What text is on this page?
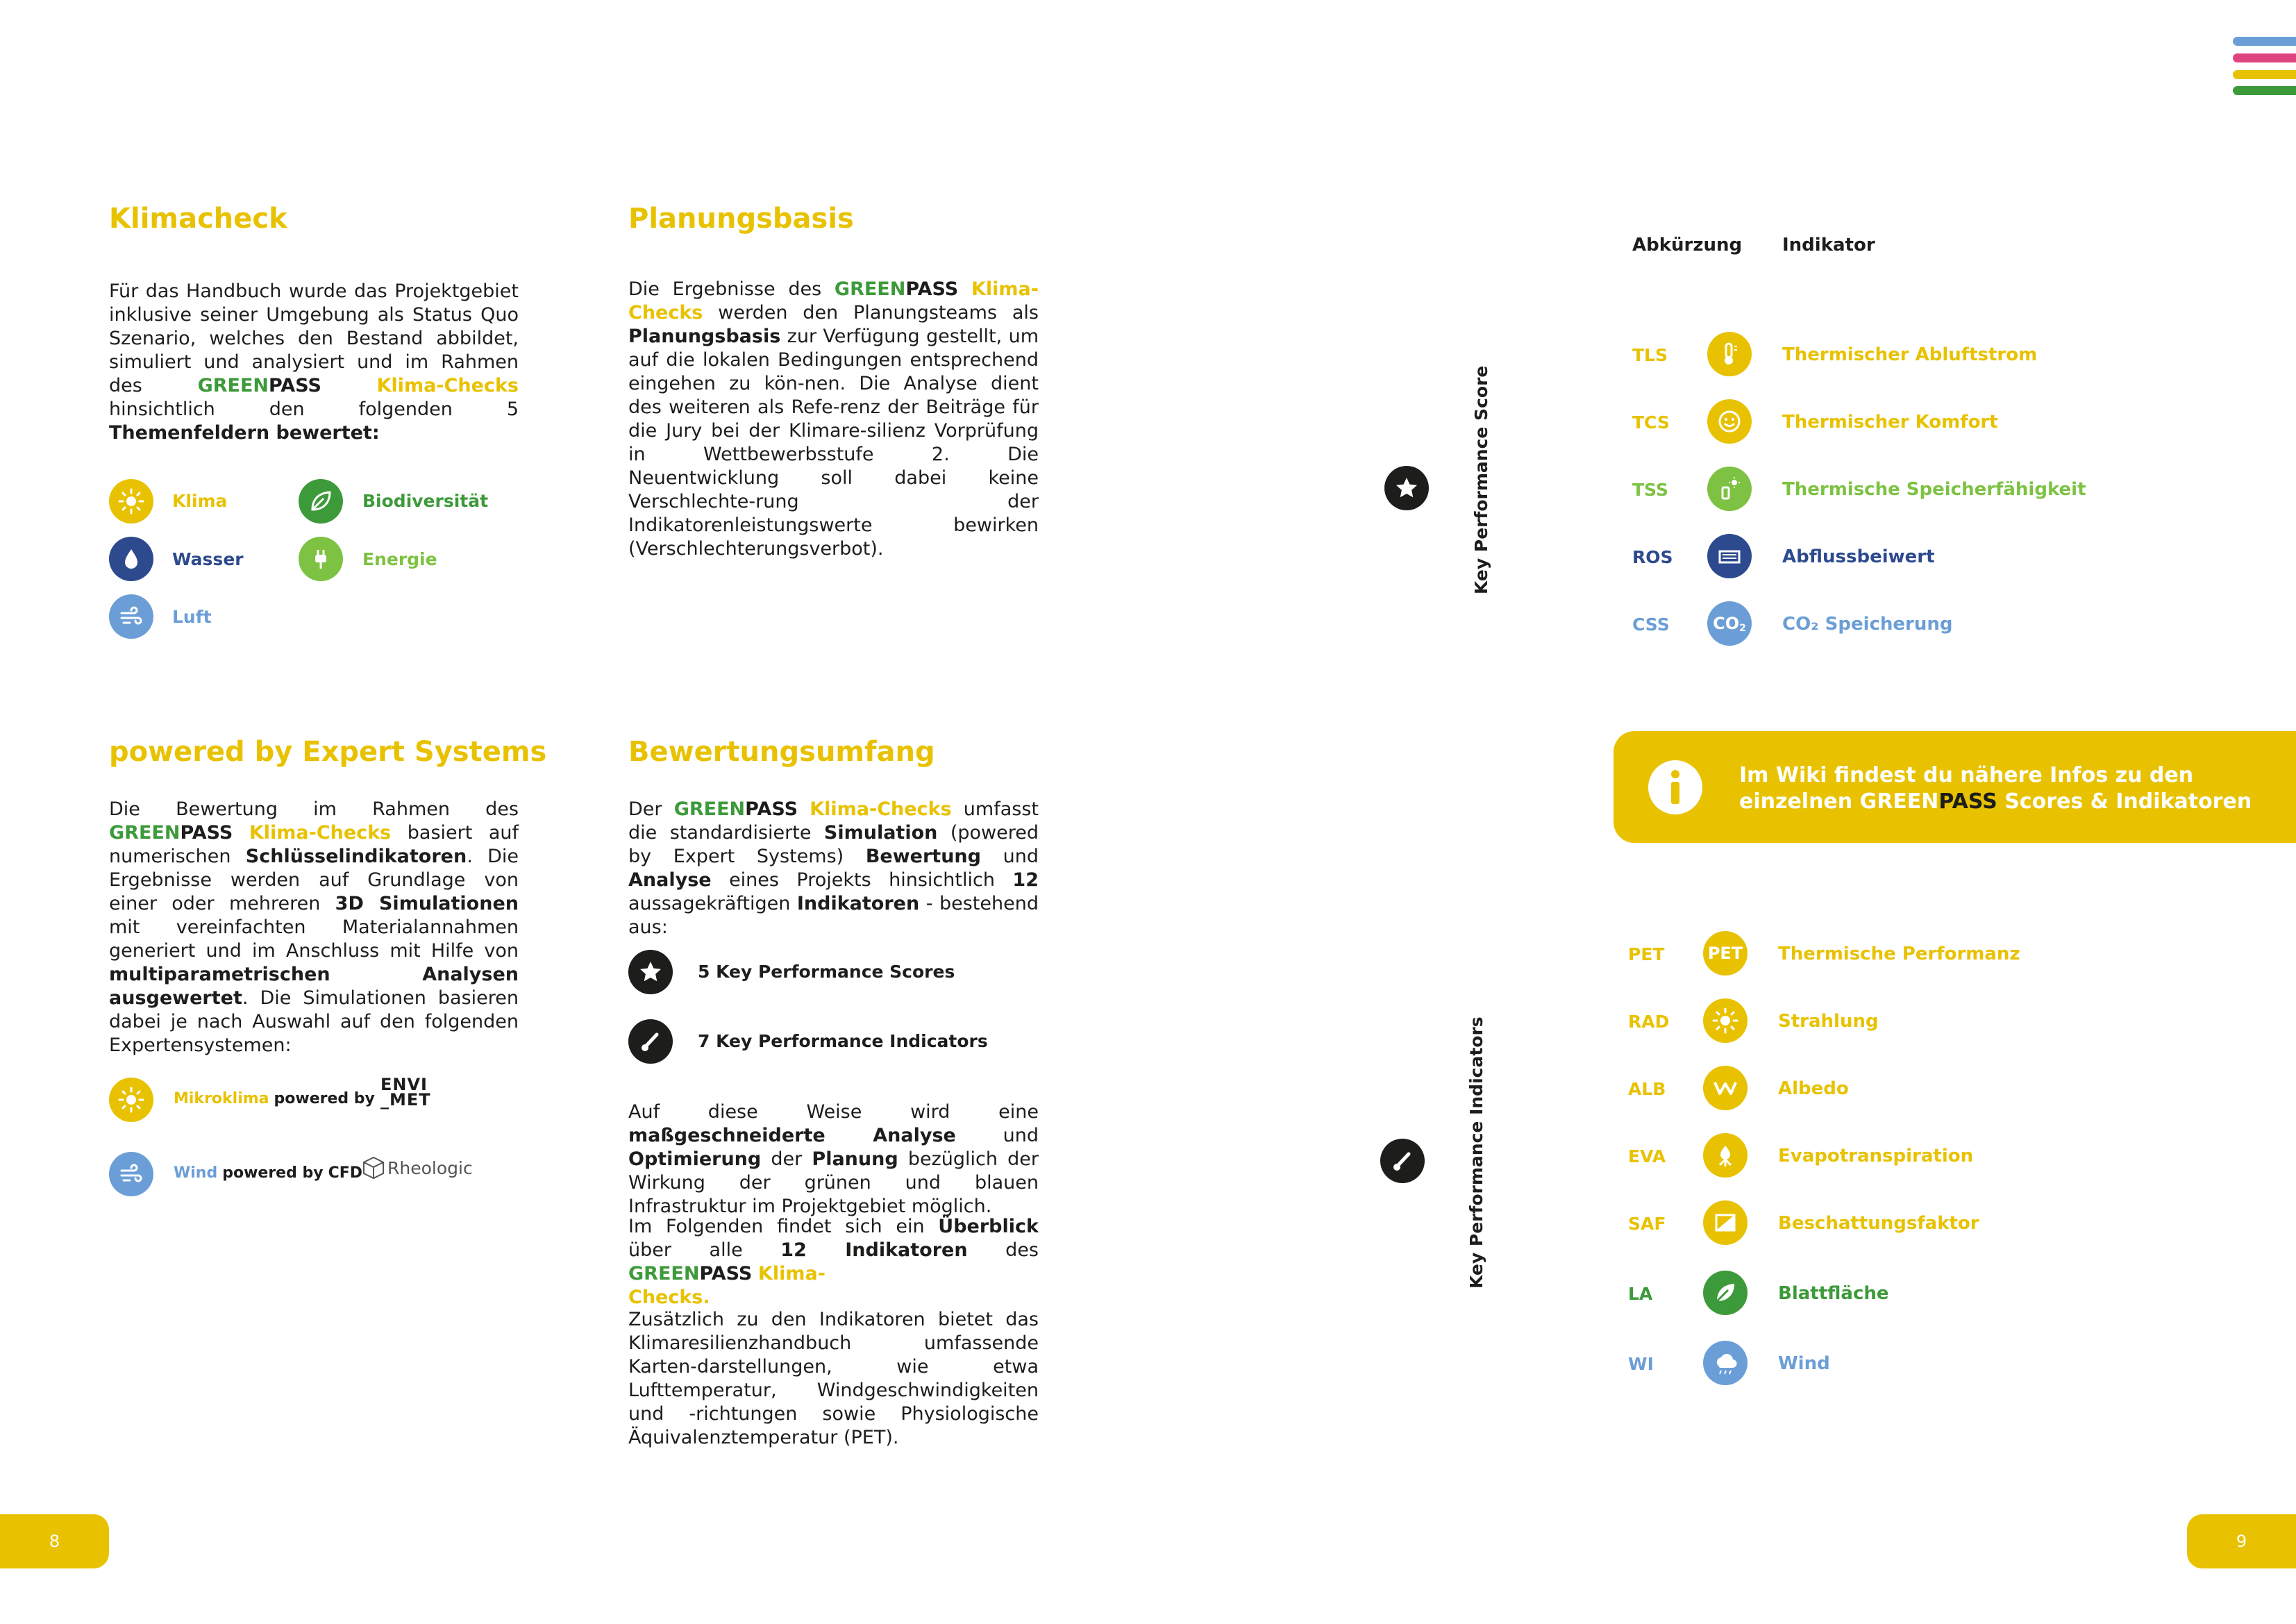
Klimacheck

Für das Handbuch wurde das Projektgebiet inklusive seiner Umgebung als Status Quo Szenario, welches den Bestand abbildet, simuliert und analysiert und im Rahmen des	GREENPASS	Klima-Checks hinsichtlich den folgenden 5 Themenfeldern bewertet:

Klima	Biodiversität
Wasser	Energie
Luft
Planungsbasis

Die Ergebnisse des GREENPASS Klima-Checks werden den Planungsteams als Planungsbasis zur Verfügung gestellt, um auf die lokalen Bedingungen entsprechend eingehen zu kön-nen. Die Analyse dient des weiteren als Refe-renz der Beiträge für die Jury bei der Klimare-silienz Vorprüfung in Wettbewerbsstufe 2. Die Neuentwicklung soll dabei keine Verschlechte-rung der Indikatorenleistungswerte bewirken (Verschlechterungsverbot).

powered by Expert Systems

Die Bewertung im Rahmen des GREENPASS Klima-Checks basiert auf numerischen Schlüsselindikatoren. Die Ergebnisse werden auf Grundlage von einer oder mehreren 3D Simulationen mit vereinfachten Materialannahmen generiert und im Anschluss mit Hilfe von multiparametrischen Analysen ausgewertet. Die Simulationen basieren dabei je nach Auswahl auf den folgenden Expertensystemen:

Mikroklima powered by
ENVI
_MET
Wind powered by CFD Rheologic
Bewertungsumfang

Der GREENPASS Klima-Checks umfasst die standardisierte Simulation (powered by Expert Systems) Bewertung und Analyse eines Projekts hinsichtlich 12 aussagekräftigen Indikatoren - bestehend aus:

5 Key Performance Scores
7 Key Performance Indicators

Auf diese Weise wird eine maßgeschneiderte Analyse	und Optimierung der Planung bezüglich der Wirkung der grünen und blauen Infrastruktur im Projektgebiet möglich.

Im Folgenden findet sich ein Überblick über alle 12 Indikatoren des GREENPASS Klima-
Checks.

Zusätzlich zu den Indikatoren bietet das Klimaresilienzhandbuch umfassende Karten-darstellungen, wie etwa Lufttemperatur, Windgeschwindigkeiten und -richtungen sowie Physiologische Äquivalenztemperatur (PET).

Abkürzung Indikator
Key Performance Score
TLS	Thermischer Abluftstrom
TCS	Thermischer Komfort
TSS	Thermische Speicherfähigkeit
ROS	Abflussbeiwert
CSS	CO 2 CO₂ Speicherung
Im Wiki findest du nähere Infos zu den
einzelnen GREENPASS Scores & Indikatoren
Key Performance Indicators
PET	PET Thermische Performanz
RAD	Strahlung
ALB	Albedo
EVA	Evapotranspiration
SAF	Beschattungsfaktor
LA	Blattfläche
WI	Wind
8	9
